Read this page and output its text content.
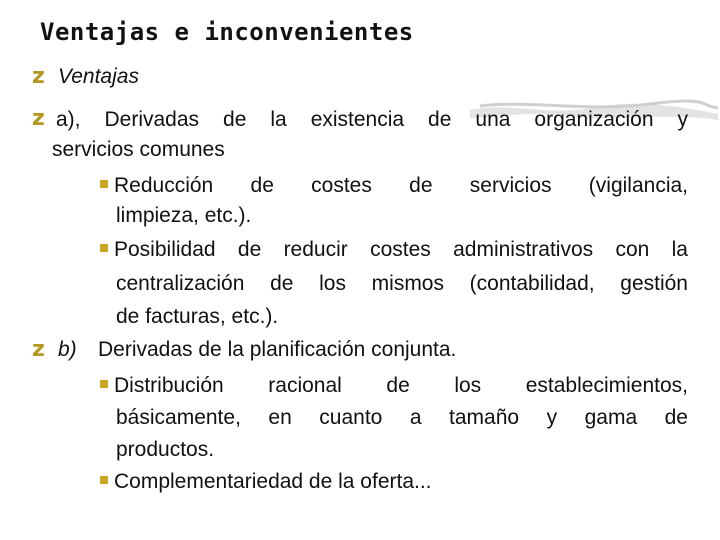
Ventajas e inconvenientes
z Ventajas
z a), Derivadas de la existencia de una organización y
servicios comunes
Reducción de costes de servicios (vigilancia,
limpieza, etc.).
Posibilidad de reducir costes administrativos con la
centralización de los mismos (contabilidad, gestión
de facturas, etc.).
z b) Derivadas de la planificación conjunta.
Distribución racional de los establecimientos,
básicamente, en cuanto a tamaño y gama de
productos.
Complementariedad de la oferta...
